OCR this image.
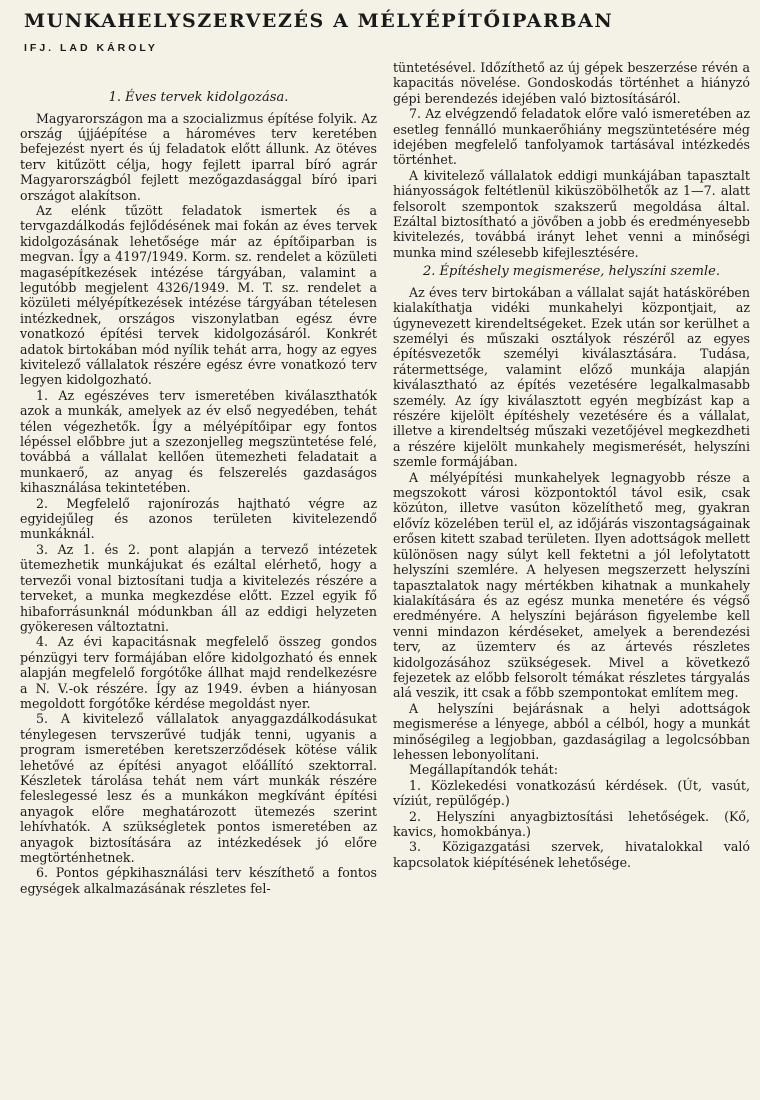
MUNKAHELYSZERVEZÉS A MÉLYÉPÍTŐIPARBAN
IFJ. LAD KÁROLY
1. Éves tervek kidolgozása.

Magyarországon ma a szocializmus építése folyik. Az ország újjáépítése a hároméves terv keretében befejezést nyert és új feladatok előtt állunk. Az ötéves terv kitűzött célja, hogy fejlett iparral bíró agrár Magyarországból fejlett mezőgazdasággal bíró ipari országot alakítson.

Az elénk tűzött feladatok ismertek és a tervgazdálkodás fejlődésének mai fokán az éves tervek kidolgozásának lehetősége már az építőiparban is megvan. Így a 4197/1949. Korm. sz. rendelet a közületi magasépítkezések intézése tárgyában, valamint a legutóbb megjelent 4326/1949. M. T. sz. rendelet a közületi mélyépítkezések intézése tárgyában tételesen intézkednek, országos viszonylatban egész évre vonatkozó építési tervek kidolgozásáról. Konkrét adatok birtokában mód nyílik tehát arra, hogy az egyes kivitelező vállalatok részére egész évre vonatkozó terv legyen kidolgozható.

1. Az egészéves terv ismeretében kiválaszthatók azok a munkák, amelyek az év első negyedében, tehát télen végezhetők. Így a mélyépítőipar egy fontos lépéssel előbbre jut a szezonjelleg megszüntetése felé, továbbá a vállalat kellően ütemezheti feladatait a munkaerő, az anyag és felszerelés gazdaságos kihasználása tekintetében.

2. Megfelelő rajonírozás hajtható végre az egyidejűleg és azonos területen kivitelezendő munkáknál.

3. Az 1. és 2. pont alapján a tervező intézetek ütemezhetik munkájukat és ezáltal elérhető, hogy a tervezői vonal biztosítani tudja a kivitelezés részére a terveket, a munka megkezdése előtt. Ezzel egyik fő hibaforrásunknál módunkban áll az eddigi helyzeten gyökeresen változtatni.

4. Az évi kapacitásnak megfelelő összeg gondos pénzügyi terv formájában előre kidolgozható és ennek alapján megfelelő forgótőke állhat majd rendelkezésre a N. V.-ok részére. Így az 1949. évben a hiányosan megoldott forgótőke kérdése megoldást nyer.

5. A kivitelező vállalatok anyaggazdálkodásukat ténylegesen tervszerűvé tudják tenni, ugyanis a program ismeretében keretszerződések kötése válik lehetővé az építési anyagot előállító szektorral. Készletek tárolása tehát nem várt munkák részére feleslegessé lesz és a munkákon megkívánt építési anyagok előre meghatározott ütemezés szerint lehívhatók. A szükségletek pontos ismeretében az anyagok biztosítására az intézkedések jó előre megtörténhetnek.

6. Pontos gépkihasználási terv készíthető a fontos egységek alkalmazásának részletes fel-

tüntetésével. Időzíthető az új gépek beszerzése révén a kapacitás növelése. Gondoskodás történhet a hiányzó gépi berendezés idejében való biztosításáról.

7. Az elvégzendő feladatok előre való ismeretében az esetleg fennálló munkaerőhiány megszüntetésére még idejében megfelelő tanfolyamok tartásával intézkedés történhet.

A kivitelező vállalatok eddigi munkájában tapasztalt hiányosságok feltétlenül kiküszöbölhetők az 1—7. alatt felsorolt szempontok szakszerű megoldása által. Ezáltal biztosítható a jövőben a jobb és eredményesebb kivitelezés, továbbá irányt lehet venni a minőségi munka mind szélesebb kifejlesztésére.

2. Építéshely megismerése, helyszíni szemle.

Az éves terv birtokában a vállalat saját hatáskörében kialakíthatja vidéki munkahelyi központjait, az úgynevezett kirendeltségeket. Ezek után sor kerülhet a személyi és műszaki osztályok részéről az egyes építésvezetők személyi kiválasztására. Tudása, rátermettsége, valamint előző munkája alapján kiválasztható az építés vezetésére legalkalmasabb személy. Az így kiválasztott egyén megbízást kap a részére kijelölt építéshely vezetésére és a vállalat, illetve a kirendeltség műszaki vezetőjével megkezdheti a részére kijelölt munkahely megismerését, helyszíni szemle formájában.

A mélyépítési munkahelyek legnagyobb része a megszokott városi központoktól távol esik, csak közúton, illetve vasúton közelíthető meg, gyakran elővíz közelében terül el, az időjárás viszontagságainak erősen kitett szabad területen. Ilyen adottságok mellett különösen nagy súlyt kell fektetni a jól lefolytatott helyszíni szemlére. A helyesen megszerzett helyszíni tapasztalatok nagy mértékben kihatnak a munkahely kialakítására és az egész munka menetére és végső eredményére. A helyszíni bejáráson figyelembe kell venni mindazon kérdéseket, amelyek a berendezési terv, az üzemterv és az ártevés részletes kidolgozásához szükségesek. Mivel a következő fejezetek az előbb felsorolt témákat részletes tárgyalás alá veszik, itt csak a főbb szempontokat említem meg.

A helyszíni bejárásnak a helyi adottságok megismerése a lényege, abból a célból, hogy a munkát minőségileg a legjobban, gazdaságilag a legolcsóbban lehessen lebonyolítani.

Megállapítandók tehát:

1. Közlekedési vonatkozású kérdések. (Út, vasút, víziút, repülőgép.)

2. Helyszíni anyagbiztosítási lehetőségek. (Kő, kavics, homokbánya.)

3. Közigazgatási szervek, hivatalokkal való kapcsolatok kiépítésének lehetősége.
